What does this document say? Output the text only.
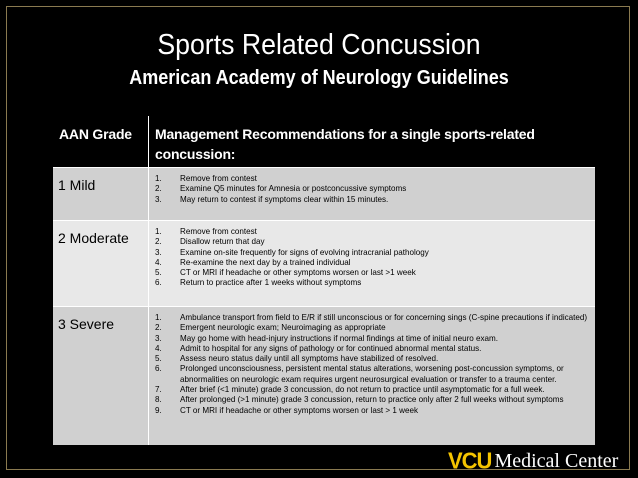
Sports Related Concussion
American Academy of Neurology Guidelines
AAN Grade	Management Recommendations for a single sports-related concussion:
1 Mild	1. Remove from contest
2. Examine Q5 minutes for Amnesia or postconcussive symptoms
3. May return to contest if symptoms clear within 15 minutes.
2 Moderate	1. Remove from contest
2. Disallow return that day
3. Examine on-site frequently for signs of evolving intracranial pathology
4. Re-examine the next day by a trained individual
5. CT or MRI if headache or other symptoms worsen or last >1 week
6. Return to practice after 1 weeks without symptoms
3 Severe	1. Ambulance transport from field to E/R if still unconscious or for concerning sings (C-spine precautions if indicated)
2. Emergent neurologic exam; Neuroimaging as appropriate
3. May go home with head-injury instructions if normal findings at time of initial neuro exam.
4. Admit to hospital for any signs of pathology or for continued abnormal mental status.
5. Assess neuro status daily until all symptoms have stabilized of resolved.
6. Prolonged unconsciousness, persistent mental status alterations, worsening post-concussion symptoms, or abnormalities on neurologic exam requires urgent neurosurgical evaluation or transfer to a trauma center.
7. After brief (<1 minute) grade 3 concussion, do not return to practice until asymptomatic for a full week.
8. After prolonged (>1 minute) grade 3 concussion, return to practice only after 2 full weeks without symptoms
9. CT or MRI if headache or other symptoms worsen or last > 1 week
VCU Medical Center
